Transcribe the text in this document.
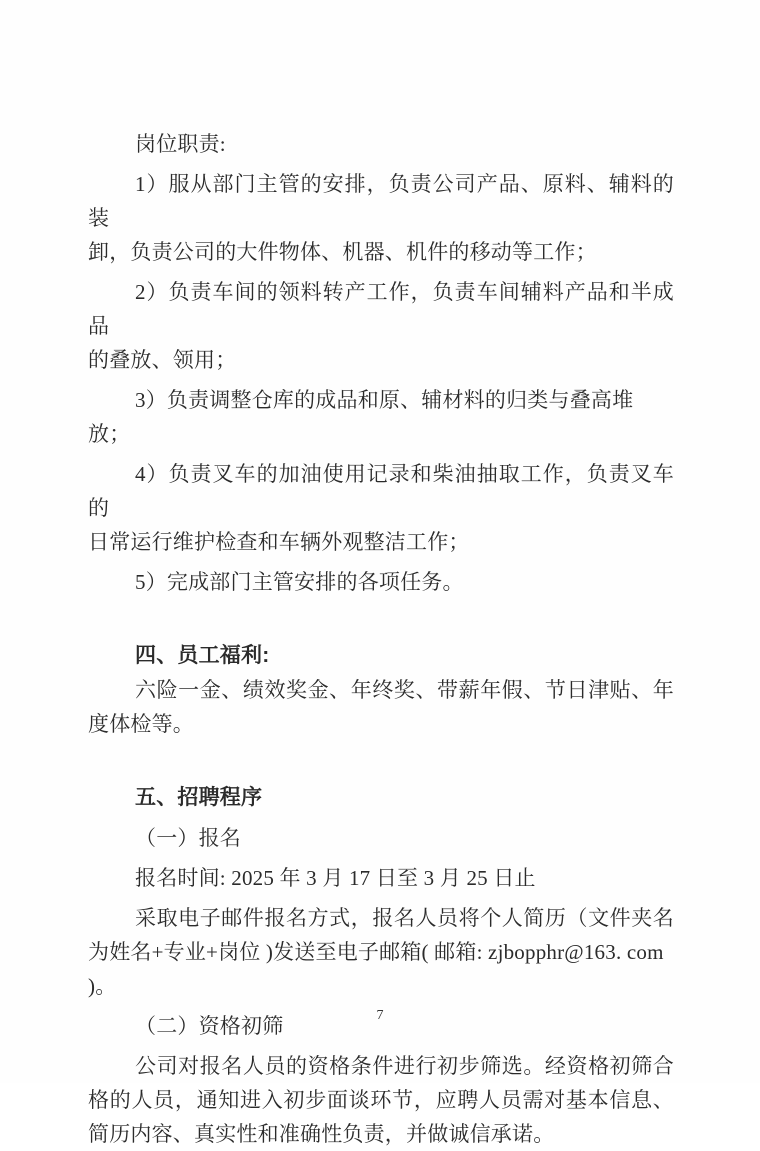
岗位职责:
1）服从部门主管的安排，负责公司产品、原料、辅料的装
卸，负责公司的大件物体、机器、机件的移动等工作；
2）负责车间的领料转产工作，负责车间辅料产品和半成品
的叠放、领用；
3）负责调整仓库的成品和原、辅材料的归类与叠高堆放；
4）负责叉车的加油使用记录和柴油抽取工作，负责叉车的
日常运行维护检查和车辆外观整洁工作；
5）完成部门主管安排的各项任务。
四、员工福利:
六险一金、绩效奖金、年终奖、带薪年假、节日津贴、年
度体检等。
五、招聘程序
（一）报名
报名时间: 2025 年 3 月 17 日至 3 月 25 日止
采取电子邮件报名方式，报名人员将个人简历（文件夹名
为姓名+专业+岗位 )发送至电子邮箱( 邮箱: zjbopphr@163. com )。
（二）资格初筛
公司对报名人员的资格条件进行初步筛选。经资格初筛合
格的人员，通知进入初步面谈环节，应聘人员需对基本信息、
简历内容、真实性和准确性负责，并做诚信承诺。
7
